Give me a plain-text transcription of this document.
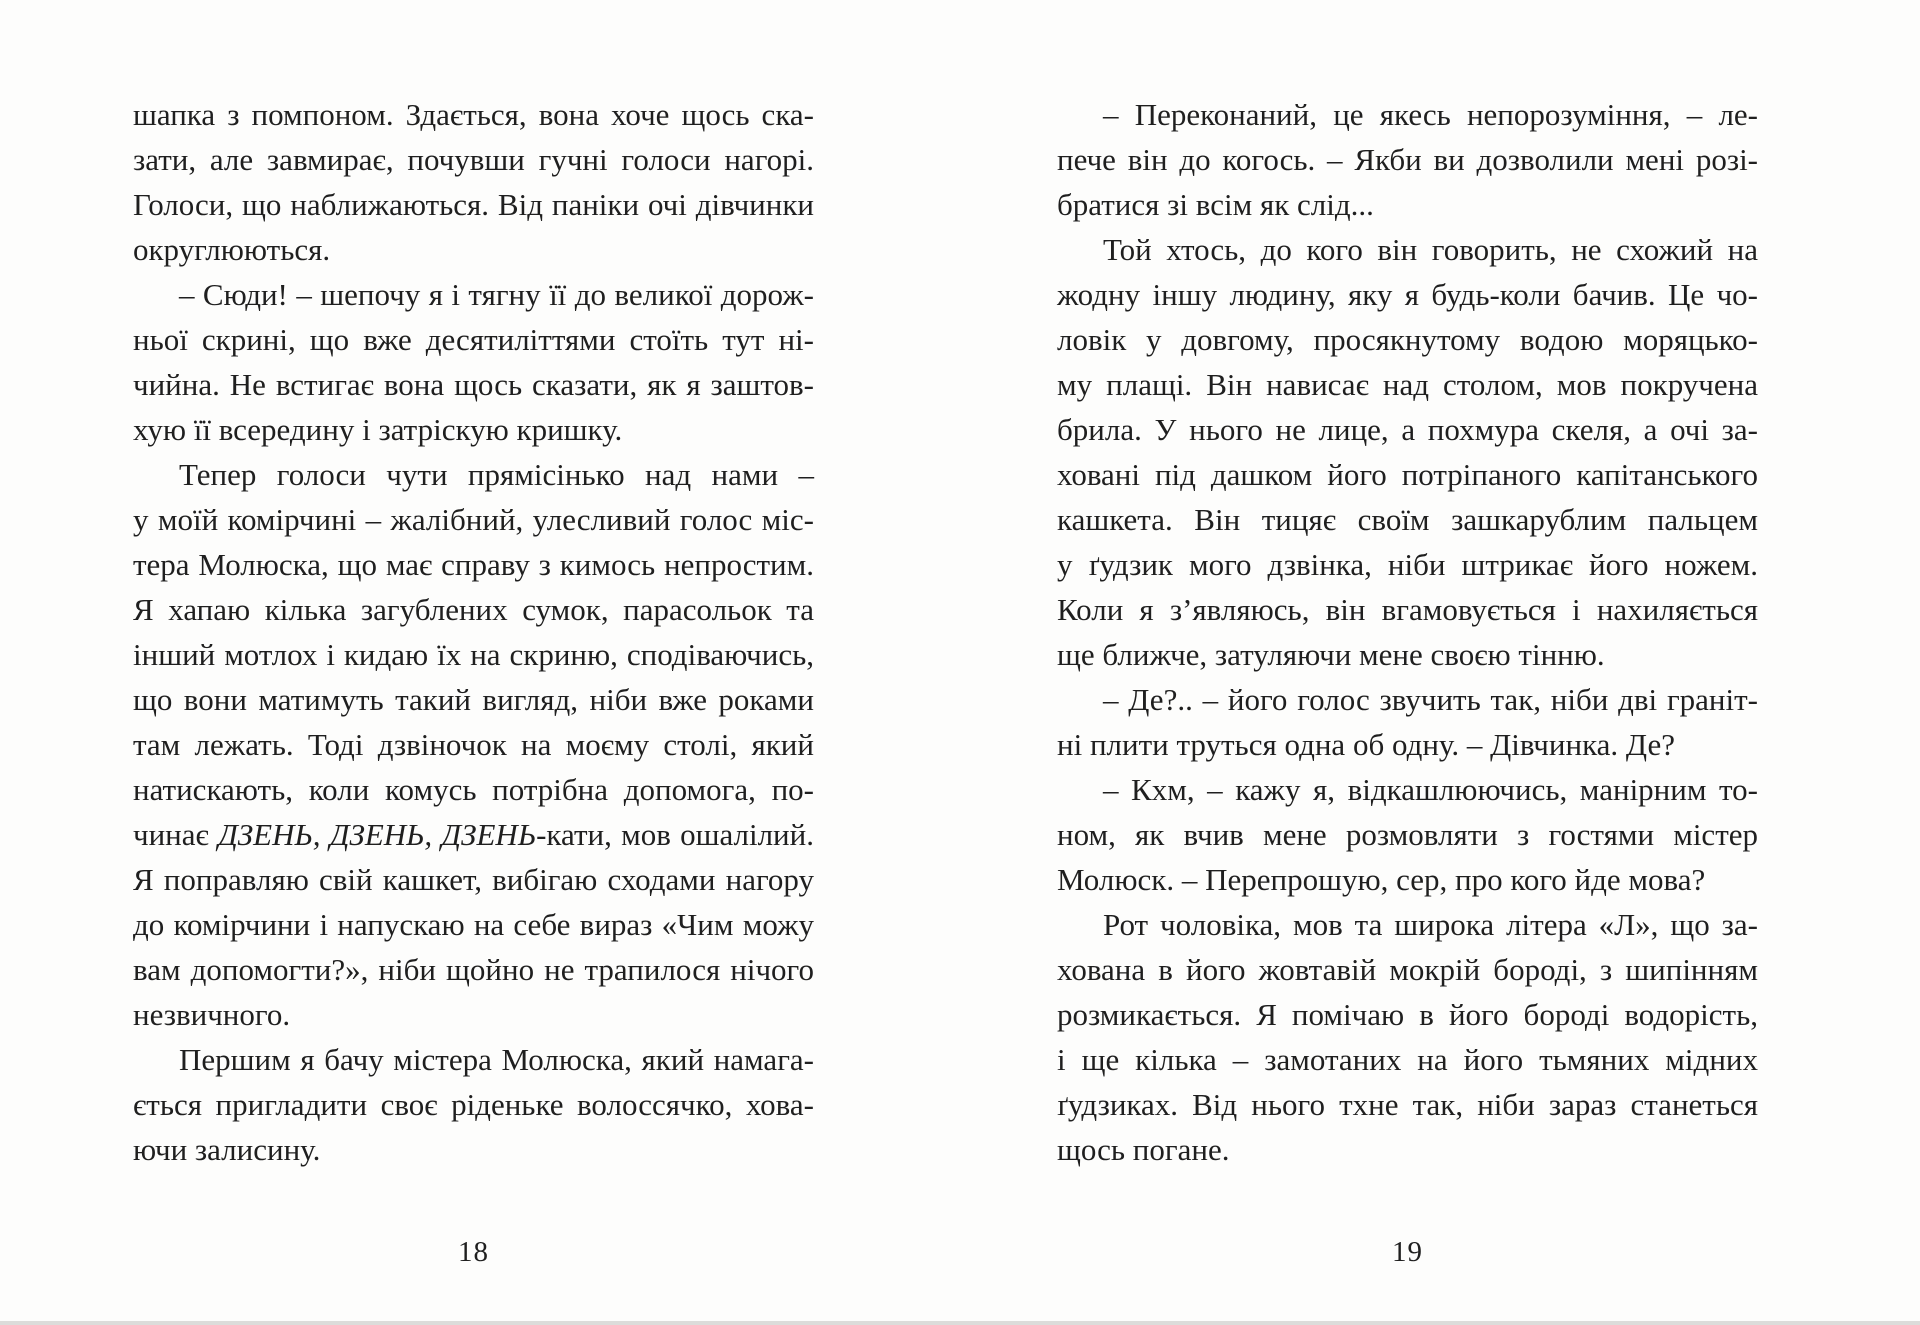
шапка з помпоном. Здається, вона хоче щось ска-
зати, але завмирає, почувши гучні голоси нагорі.
Голоси, що наближаються. Від паніки очі дівчинки
округлюються.
– Сюди! – шепочу я і тягну її до великої дорож-
ньої скрині, що вже десятиліттями стоїть тут ні-
чийна. Не встигає вона щось сказати, як я заштов-
хую її всередину і затріскую кришку.
Тепер голоси чути прямісінько над нами –
у моїй комірчині – жалібний, улесливий голос міс-
тера Молюска, що має справу з кимось непростим.
Я хапаю кілька загублених сумок, парасольок та
інший мотлох і кидаю їх на скриню, сподіваючись,
що вони матимуть такий вигляд, ніби вже роками
там лежать. Тоді дзвіночок на моєму столі, який
натискають, коли комусь потрібна допомога, по-
чинає ДЗЕНЬ, ДЗЕНЬ, ДЗЕНЬ-кати, мов ошалілий.
Я поправляю свій кашкет, вибігаю сходами нагору
до комірчини і напускаю на себе вираз «Чим можу
вам допомогти?», ніби щойно не трапилося нічого
незвичного.
Першим я бачу містера Молюска, який намага-
ється пригладити своє ріденьке волоссячко, хова-
ючи залисину.
18
– Переконаний, це якесь непорозуміння, – ле-
пече він до когось. – Якби ви дозволили мені розі-
братися зі всім як слід...
Той хтось, до кого він говорить, не схожий на
жодну іншу людину, яку я будь-коли бачив. Це чо-
ловік у довгому, просякнутому водою моряцько-
му плащі. Він нависає над столом, мов покручена
брила. У нього не лице, а похмура скеля, а очі за-
ховані під дашком його потріпаного капітанського
кашкета. Він тицяє своїм зашкарублим пальцем
у ґудзик мого дзвінка, ніби штрикає його ножем.
Коли я з’являюсь, він вгамовується і нахиляється
ще ближче, затуляючи мене своєю тінню.
– Де?.. – його голос звучить так, ніби дві граніт-
ні плити труться одна об одну. – Дівчинка. Де?
– Кхм, – кажу я, відкашлюючись, манірним то-
ном, як вчив мене розмовляти з гостями містер
Молюск. – Перепрошую, сер, про кого йде мова?
Рот чоловіка, мов та широка літера «Л», що за-
хована в його жовтавій мокрій бороді, з шипінням
розмикається. Я помічаю в його бороді водорість,
і ще кілька – замотаних на його тьмяних мідних
ґудзиках. Від нього тхне так, ніби зараз станеться
щось погане.
19
